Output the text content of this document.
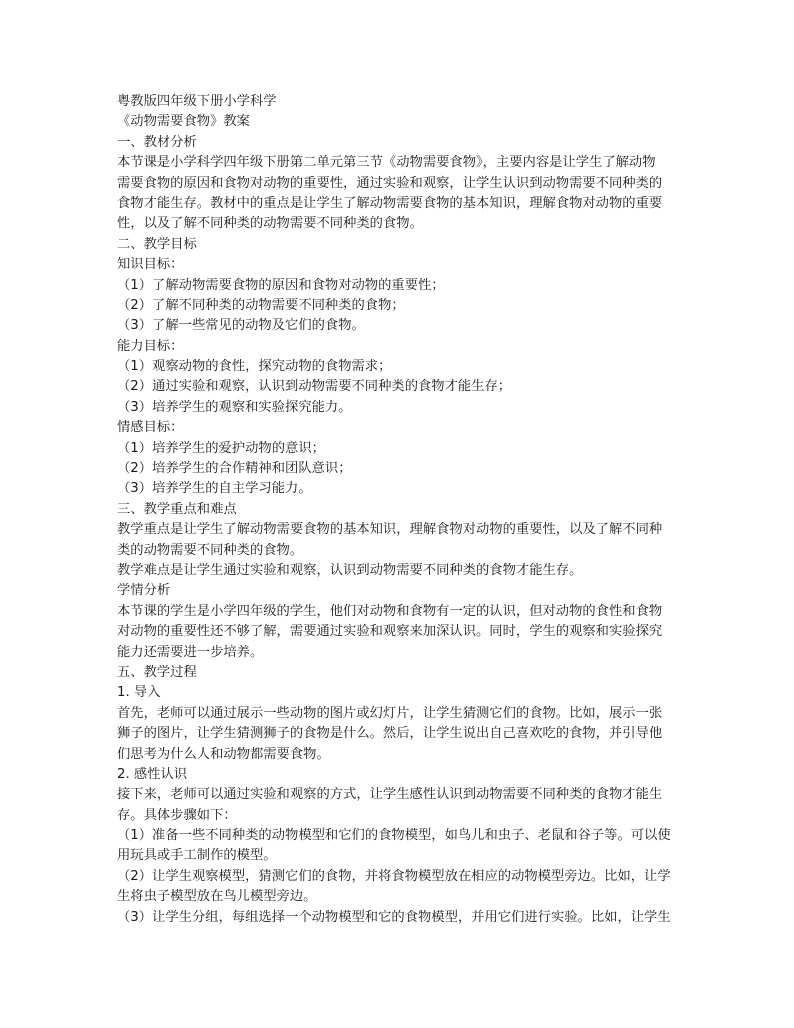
粤教版四年级下册小学科学
《动物需要食物》教案
一、教材分析
本节课是小学科学四年级下册第二单元第三节《动物需要食物》，主要内容是让学生了解动物
需要食物的原因和食物对动物的重要性，通过实验和观察，让学生认识到动物需要不同种类的
食物才能生存。教材中的重点是让学生了解动物需要食物的基本知识，理解食物对动物的重要
性，以及了解不同种类的动物需要不同种类的食物。
二、教学目标
知识目标：
（1）了解动物需要食物的原因和食物对动物的重要性；
（2）了解不同种类的动物需要不同种类的食物；
（3）了解一些常见的动物及它们的食物。
能力目标：
（1）观察动物的食性，探究动物的食物需求；
（2）通过实验和观察，认识到动物需要不同种类的食物才能生存；
（3）培养学生的观察和实验探究能力。
情感目标：
（1）培养学生的爱护动物的意识；
（2）培养学生的合作精神和团队意识；
（3）培养学生的自主学习能力。
三、教学重点和难点
教学重点是让学生了解动物需要食物的基本知识，理解食物对动物的重要性，以及了解不同种
类的动物需要不同种类的食物。
教学难点是让学生通过实验和观察，认识到动物需要不同种类的食物才能生存。
学情分析
本节课的学生是小学四年级的学生，他们对动物和食物有一定的认识，但对动物的食性和食物
对动物的重要性还不够了解，需要通过实验和观察来加深认识。同时，学生的观察和实验探究
能力还需要进一步培养。
五、教学过程
1. 导入
首先，老师可以通过展示一些动物的图片或幻灯片，让学生猜测它们的食物。比如，展示一张
狮子的图片，让学生猜测狮子的食物是什么。然后，让学生说出自己喜欢吃的食物，并引导他
们思考为什么人和动物都需要食物。
2. 感性认识
接下来，老师可以通过实验和观察的方式，让学生感性认识到动物需要不同种类的食物才能生
存。具体步骤如下：
（1）准备一些不同种类的动物模型和它们的食物模型，如鸟儿和虫子、老鼠和谷子等。可以使
用玩具或手工制作的模型。
（2）让学生观察模型，猜测它们的食物，并将食物模型放在相应的动物模型旁边。比如，让学
生将虫子模型放在鸟儿模型旁边。
（3）让学生分组，每组选择一个动物模型和它的食物模型，并用它们进行实验。比如，让学生
